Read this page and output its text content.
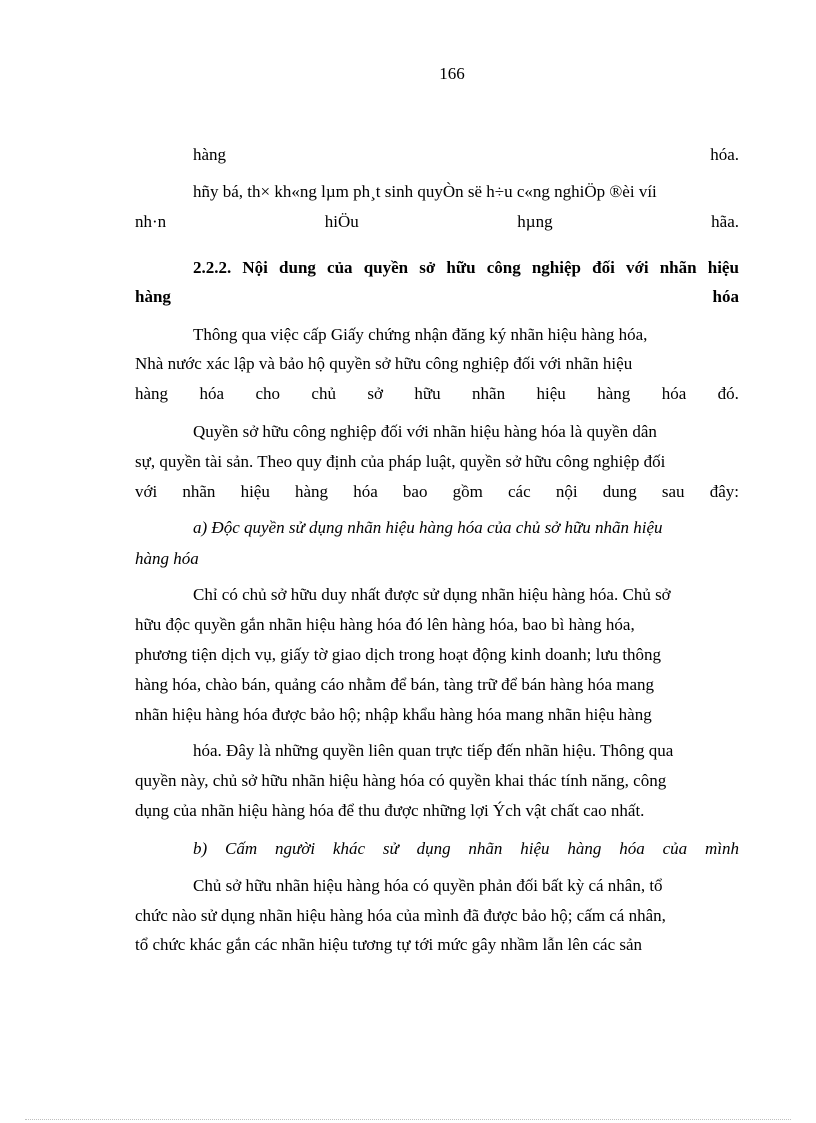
166
hàng	hóa.
hñy bá, th× kh«ng lµm ph¸t sinh quyÒn së h÷u c«ng nghiÖp ®èi víi
nh·n	hiÖu	hµng	hãa.
2.2.2. Nội dung của quyền sở hữu công nghiệp đối với nhãn hiệu
hàng	hóa
Thông qua việc cấp Giấy chứng nhận đăng ký nhãn hiệu hàng hóa,
Nhà nước xác lập và bảo hộ quyền sở hữu công nghiệp đối với nhãn hiệu
hàng hóa cho chủ sở hữu nhãn hiệu hàng hóa đó.
Quyền sở hữu công nghiệp đối với nhãn hiệu hàng hóa là quyền dân
sự, quyền tài sản. Theo quy định của pháp luật, quyền sở hữu công nghiệp đối
với nhãn hiệu hàng hóa bao gồm các nội dung sau đây:
a) Độc quyền sử dụng nhãn hiệu hàng hóa của chủ sở hữu nhãn hiệu
hàng hóa
Chỉ có chủ sở hữu duy nhất được sử dụng nhãn hiệu hàng hóa. Chủ sở
hữu độc quyền gắn nhãn hiệu hàng hóa đó lên hàng hóa, bao bì hàng hóa,
phương tiện dịch vụ, giấy tờ giao dịch trong hoạt động kinh doanh; lưu thông
hàng hóa, chào bán, quảng cáo nhằm để bán, tàng trữ để bán hàng hóa mang
nhãn hiệu hàng hóa được bảo hộ; nhập khẩu hàng hóa mang nhãn hiệu hàng
hóa. Đây là những quyền liên quan trực tiếp đến nhãn hiệu. Thông qua
quyền này, chủ sở hữu nhãn hiệu hàng hóa có quyền khai thác tính năng, công
dụng của nhãn hiệu hàng hóa để thu được những lợi Ých vật chất cao nhất.
b) Cấm người khác sử dụng nhãn hiệu hàng hóa của mình
Chủ sở hữu nhãn hiệu hàng hóa có quyền phản đối bất kỳ cá nhân, tổ
chức nào sử dụng nhãn hiệu hàng hóa của mình đã được bảo hộ; cấm cá nhân,
tổ chức khác gắn các nhãn hiệu tương tự tới mức gây nhầm lẫn lên các sản
